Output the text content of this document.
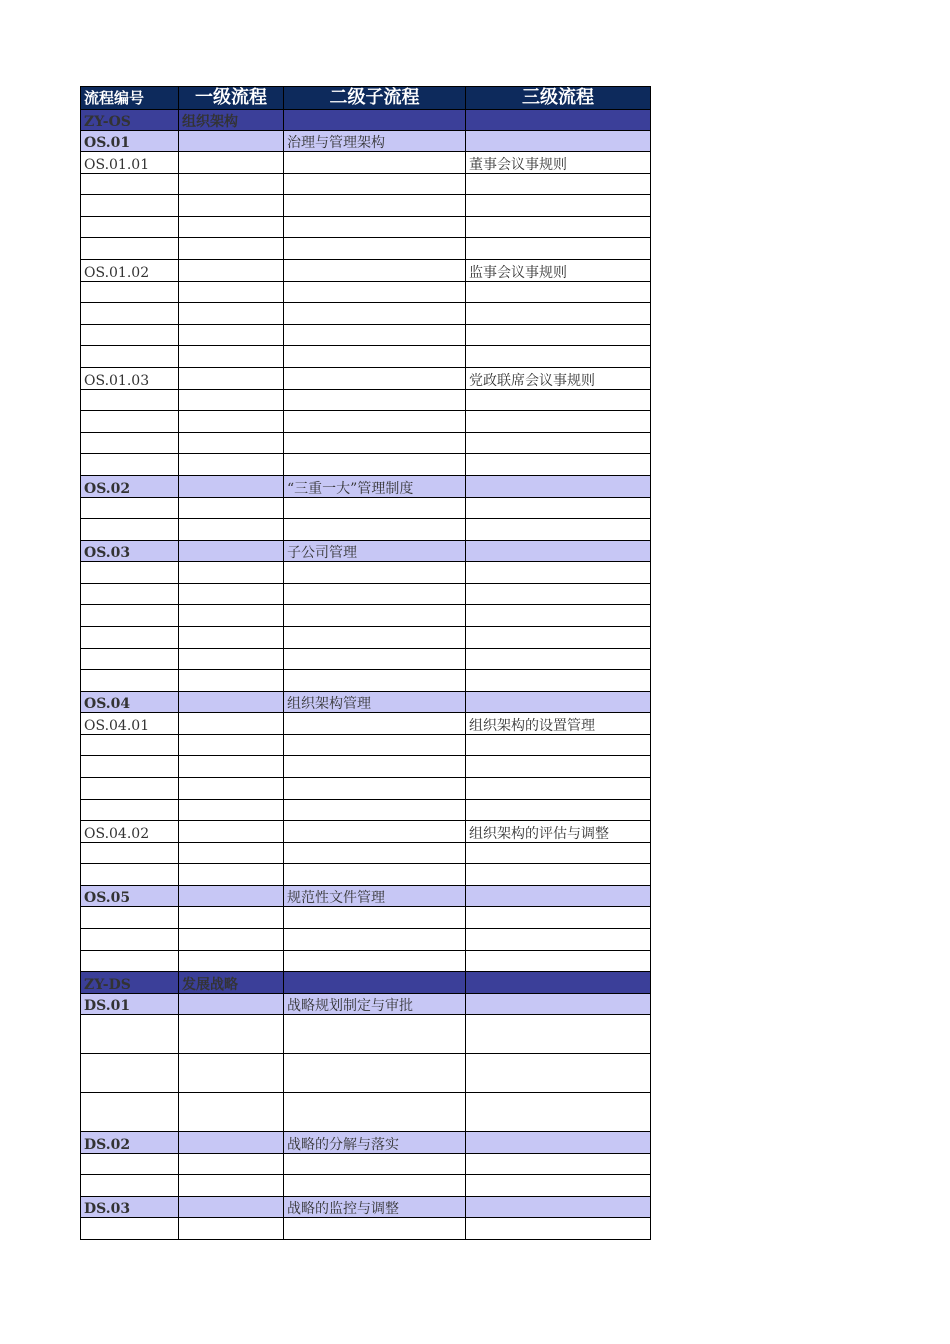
流程编号	一级流程	二级子流程	三级流程
ZY-OS	组织架构		
OS.01		治理与管理架构	
OS.01.01			董事会议事规则

OS.01.02			监事会议事规则

OS.01.03			党政联席会议事规则

OS.02		“三重一大”管理制度	

OS.03		子公司管理	

OS.04		组织架构管理	
OS.04.01			组织架构的设置管理

OS.04.02			组织架构的评估与调整

OS.05		规范性文件管理	

ZY-DS	发展战略		
DS.01		战略规划制定与审批	

DS.02		战略的分解与落实	

DS.03		战略的监控与调整	
